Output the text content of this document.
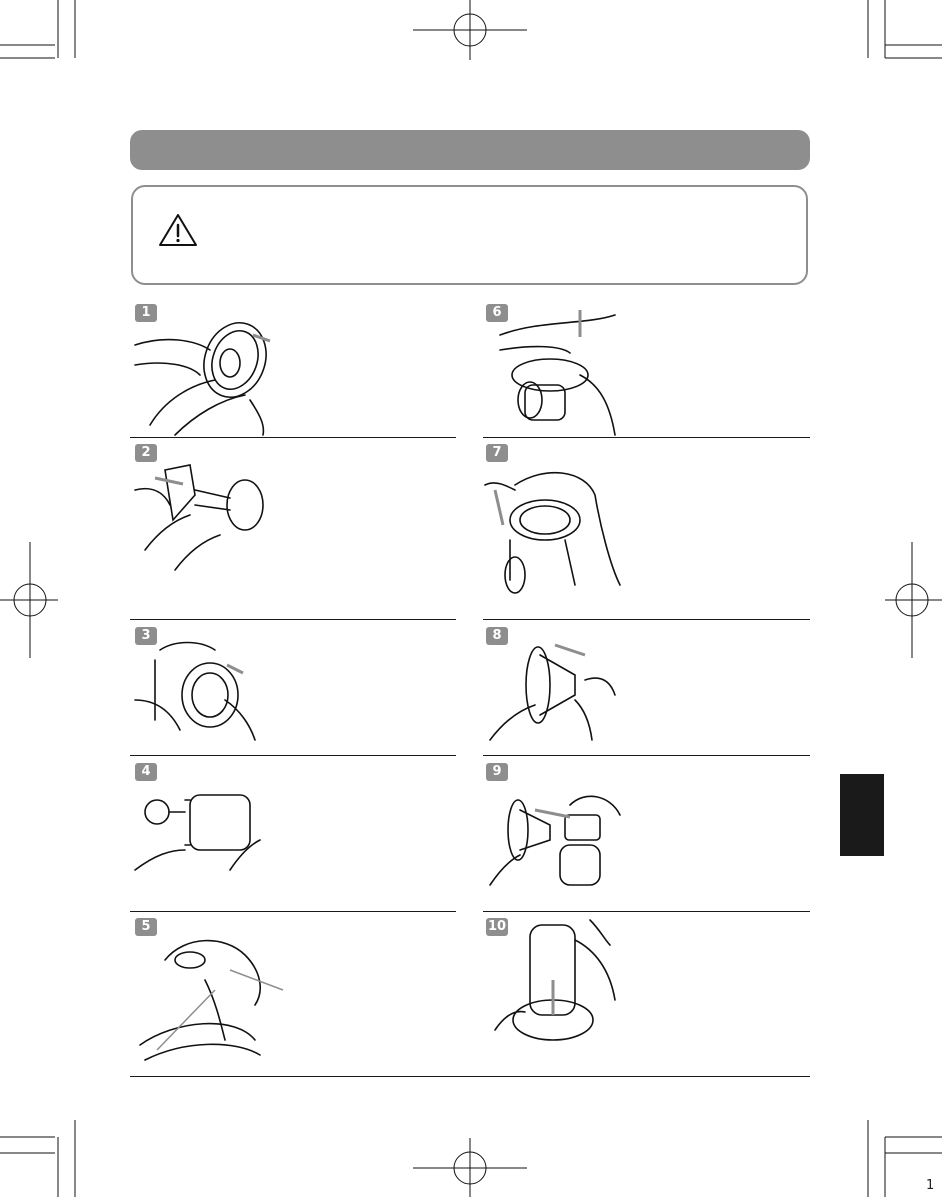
1
2
3
4
5
6
7
8
9
10
1
